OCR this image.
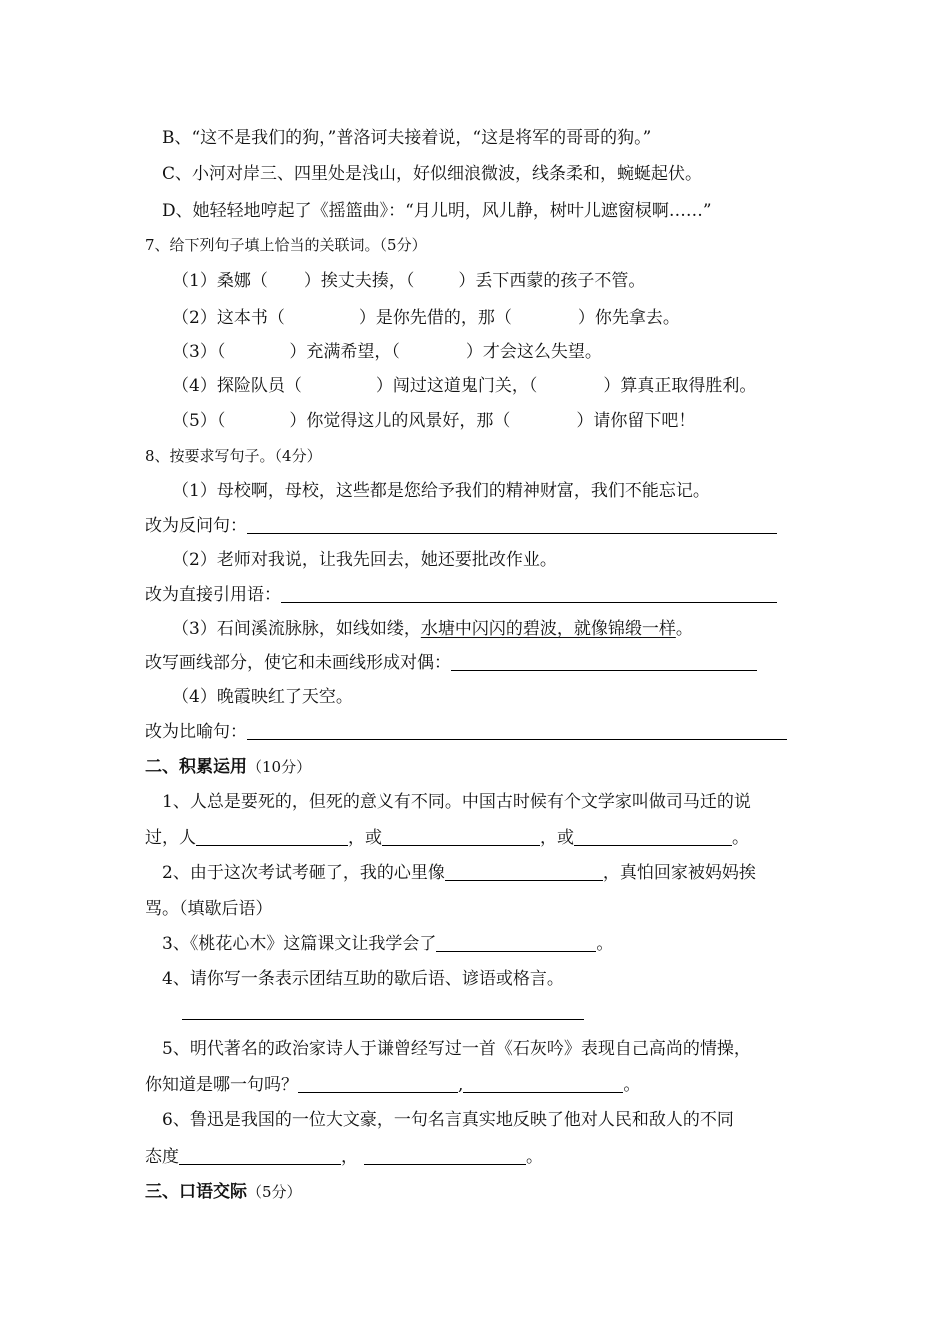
B、“这不是我们的狗，”普洛诃夫接着说，“这是将军的哥哥的狗。”
C、小河对岸三、四里处是浅山，好似细浪微波，线条柔和，蜿蜒起伏。
D、她轻轻地哼起了《摇篮曲》：“月儿明，风儿静，树叶儿遮窗棂啊……”
7、给下列句子填上恰当的关联词。（5分）
（1）桑娜（ ）挨丈夫揍，（	）丢下西蒙的孩子不管。
（2）这本书（	）是你先借的，那（	）你先拿去。
（3）（	）充满希望，（	）才会这么失望。
（4）探险队员（	）闯过这道鬼门关，（	）算真正取得胜利。
（5）（	）你觉得这儿的风景好，那（	）请你留下吧！
8、按要求写句子。（4分）
（1）母校啊，母校，这些都是您给予我们的精神财富，我们不能忘记。
改为反问句：
（2）老师对我说，让我先回去，她还要批改作业。
改为直接引用语：
（3）石间溪流脉脉，如线如缕，水塘中闪闪的碧波，就像锦缎一样。
改写画线部分，使它和未画线形成对偶：
（4）晚霞映红了天空。
改为比喻句：
二、积累运用（10分）
1、人总是要死的，但死的意义有不同。中国古时候有个文学家叫做司马迁的说
过，人	，或	，或	。
2、由于这次考试考砸了，我的心里像	，真怕回家被妈妈挨
骂。（填歇后语）
3、《桃花心木》这篇课文让我学会了	。
4、请你写一条表示团结互助的歇后语、谚语或格言。
5、明代著名的政治家诗人于谦曾经写过一首《石灰吟》表现自己高尚的情操，
你知道是哪一句吗？	,	。
6、鲁迅是我国的一位大文豪，一句名言真实地反映了他对人民和敌人的不同
态度	，	。
三、口语交际（5分）
